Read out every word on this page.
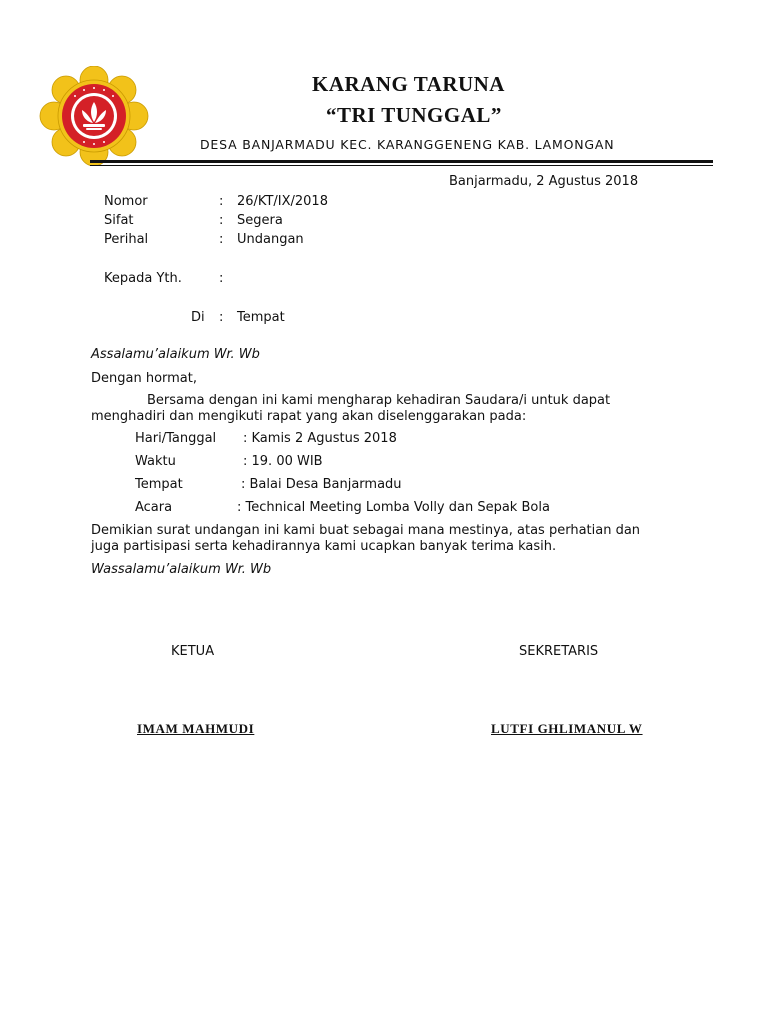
KARANG TARUNA
“TRI TUNGGAL”
DESA BANJARMADU KEC. KARANGGENENG KAB. LAMONGAN
Banjarmadu, 2 Agustus 2018
Nomor	: 26/KT/IX/2018
Sifat	: Segera
Perihal	: Undangan
Kepada Yth.	:
Di : Tempat
Assalamu’alaikum Wr. Wb
Dengan hormat,
Bersama dengan ini kami mengharap kehadiran Saudara/i untuk dapat
menghadiri dan mengikuti rapat yang akan diselenggarakan pada:
Hari/Tanggal : Kamis 2 Agustus 2018
Waktu	: 19. 00 WIB
Tempat	: Balai Desa Banjarmadu
Acara	: Technical Meeting Lomba Volly dan Sepak Bola
Demikian surat undangan ini kami buat sebagai mana mestinya, atas perhatian dan
juga partisipasi serta kehadirannya kami ucapkan banyak terima kasih.
Wassalamu’alaikum Wr. Wb
KETUA	SEKRETARIS
IMAM MAHMUDI	LUTFI GHLIMANUL W
